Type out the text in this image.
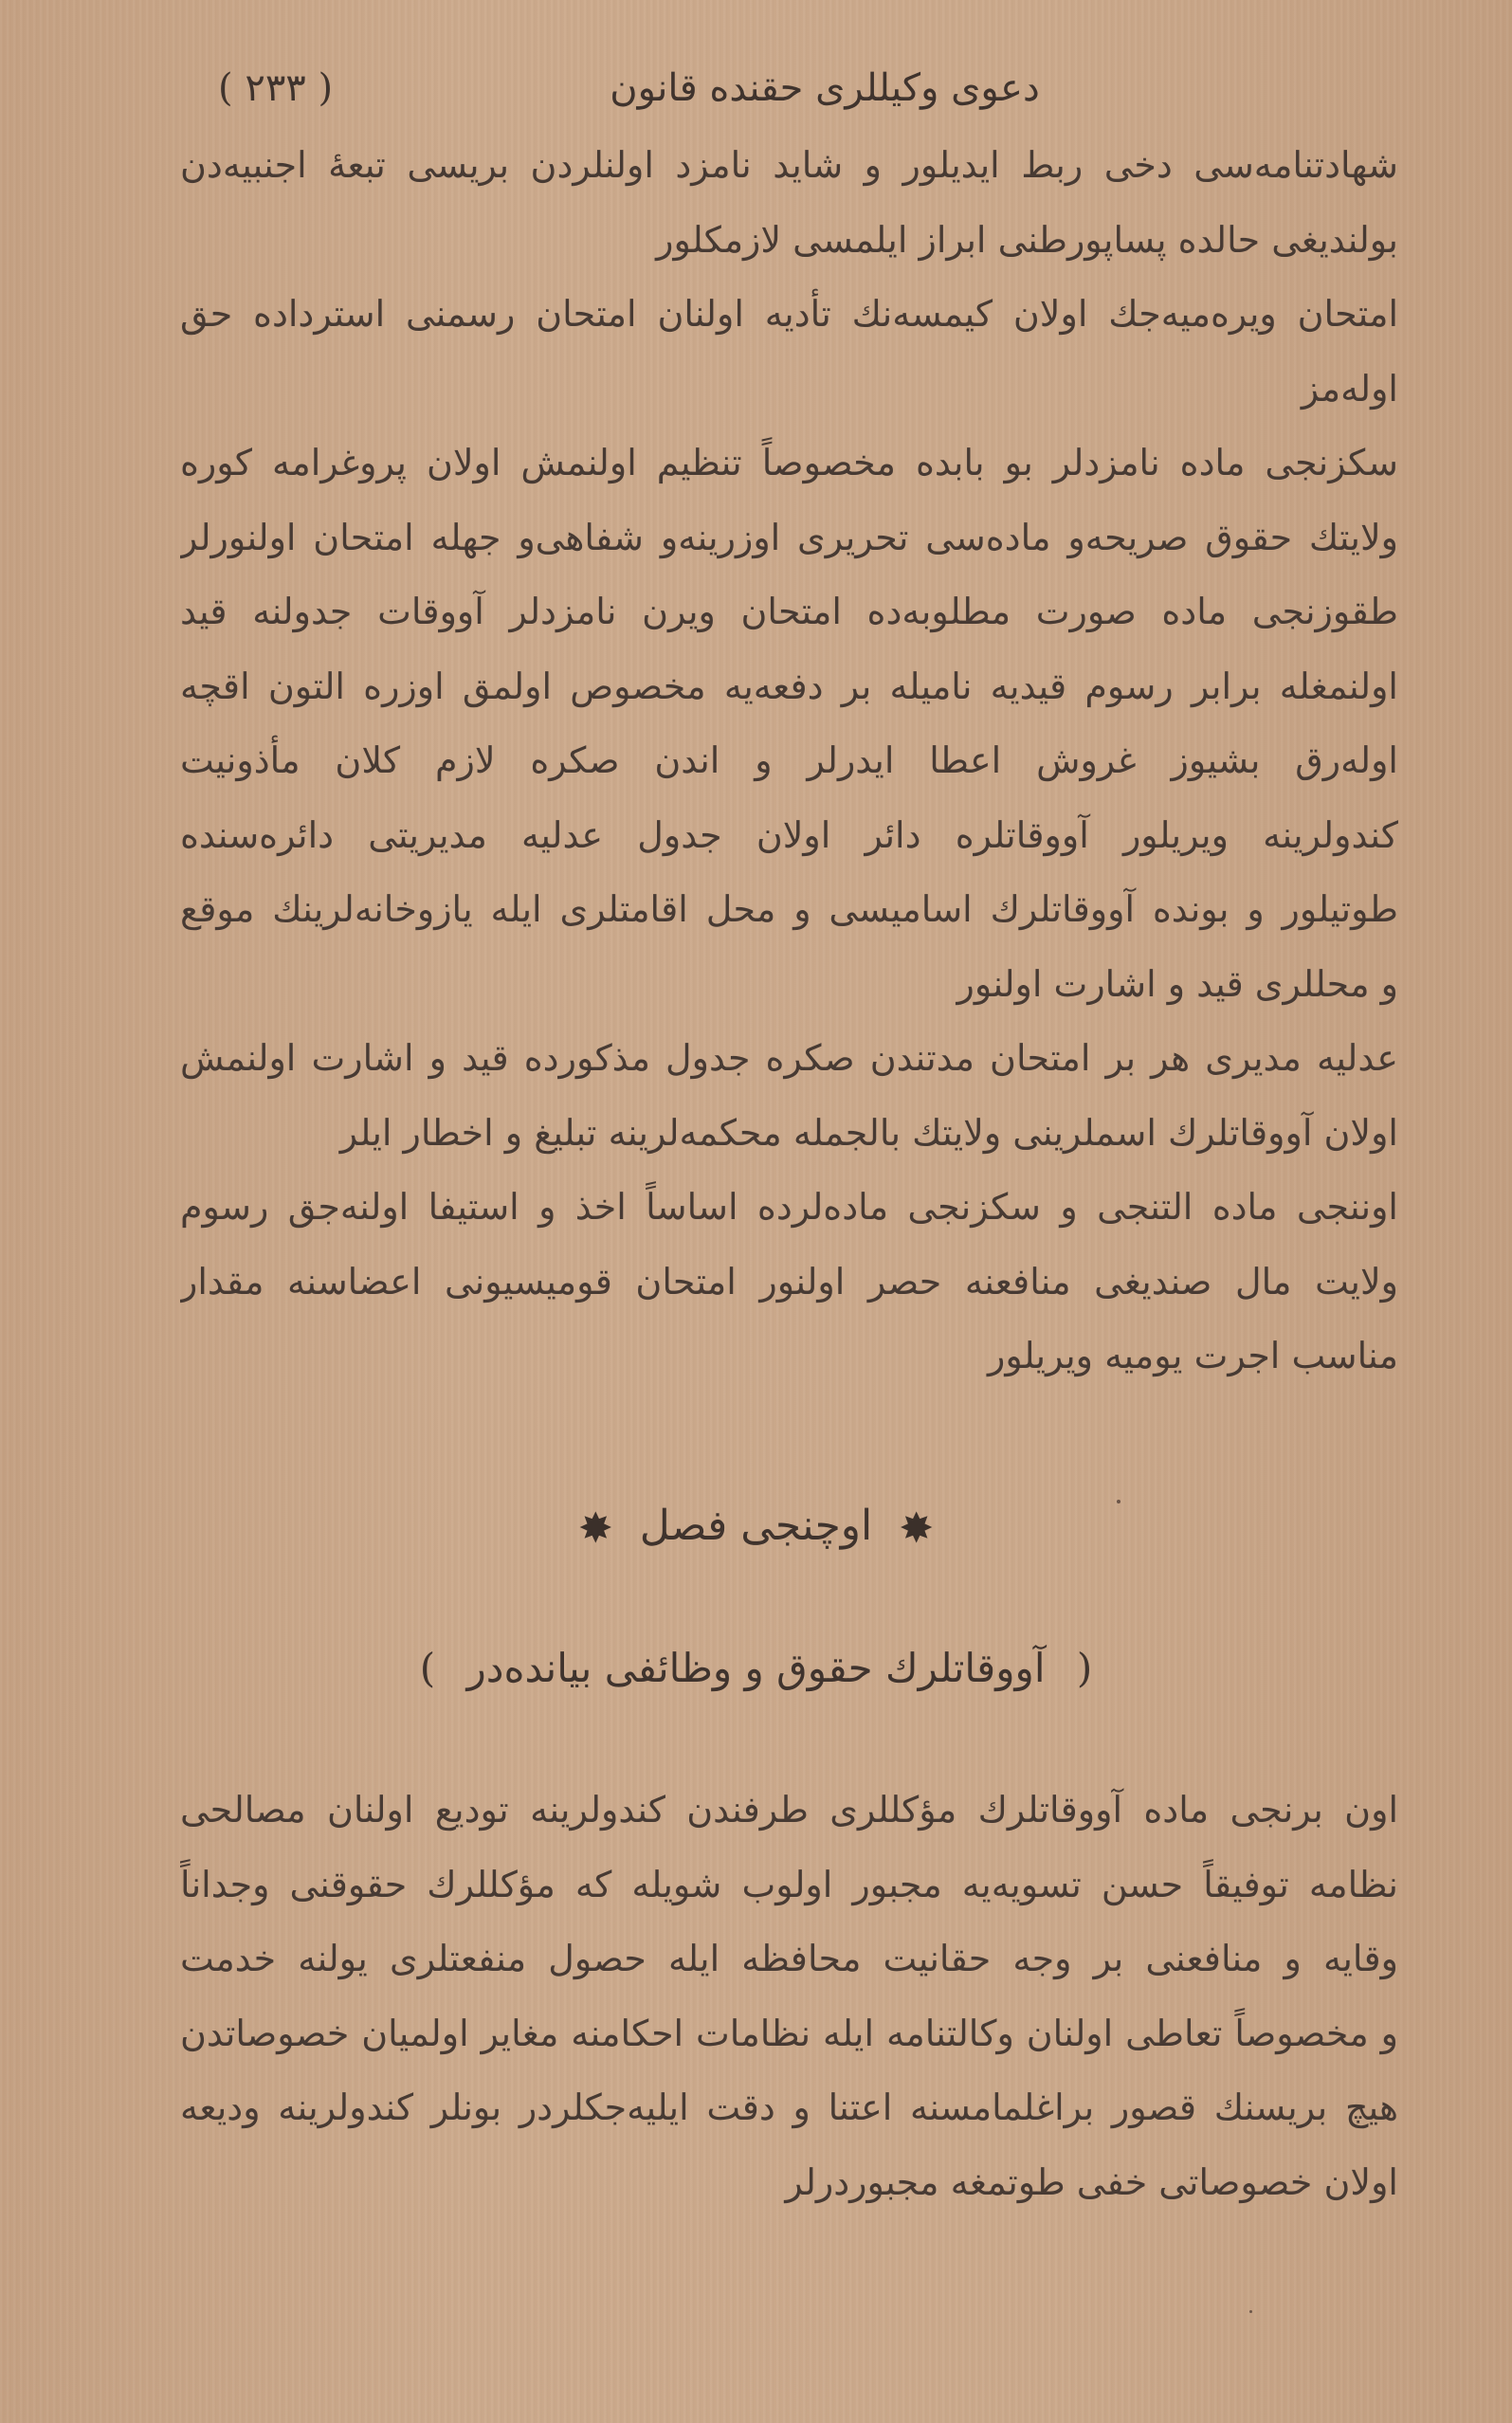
( ۲۳۳ )	دعوی وکیللری حقنده قانون
شهادتنامه‌سی دخی ربط ایدیلور و شاید نامزد اولنلردن بریسی تبعهٔ اجنبیه‌دن
بولندیغی حالده پساپورطنی ابراز ایلمسی لازمکلور
امتحان ویره‌میه‌جك اولان کیمسه‌نك تأدیه اولنان امتحان رسمنی استرداده حق
اوله‌مز
سکزنجی ماده نامزدلر بو بابده مخصوصاً تنظیم اولنمش اولان پروغرامه کوره
ولایتك حقوق صریحه‌و ماده‌سی تحریری اوزرینه‌و شفاهی‌و جهله امتحان اولنورلر
طقوزنجی ماده صورت مطلوبه‌ده امتحان ویرن نامزدلر آووقات جدولنه قید
اولنمغله برابر رسوم قیدیه نامیله بر دفعه‌یه مخصوص اولمق اوزره التون اقچه
اوله‌رق بشیوز غروش اعطا ایدرلر و اندن صکره لازم کلان مأذونیت
کندولرینه ویریلور آووقاتلره دائر اولان جدول عدلیه مدیریتی دائره‌سنده
طوتیلور و بونده آووقاتلرك اسامیسی و محل اقامتلری ایله یازوخانه‌لرینك موقع
و محللری قید و اشارت اولنور
عدلیه مدیری هر بر امتحان مدتندن صکره جدول مذکورده قید و اشارت اولنمش
اولان آووقاتلرك اسملرینی ولایتك بالجمله محکمه‌لرینه تبلیغ و اخطار ایلر
اوننجی ماده التنجی و سکزنجی ماده‌لرده اساساً اخذ و استیفا اولنه‌جق رسوم
ولایت مال صندیغی منافعنه حصر اولنور امتحان قومیسیونی اعضاسنه مقدار
مناسب اجرت یومیه ویریلور
✸ اوچنجی فصل ✸
( آووقاتلرك حقوق و وظائفی بیانده‌در )
اون برنجی ماده آووقاتلرك مؤکللری طرفندن کندولرینه تودیع اولنان مصالحی
نظامه توفیقاً حسن تسویه‌یه مجبور اولوب شویله که مؤکللرك حقوقنی وجداناً
وقایه و منافعنی بر وجه حقانیت محافظه ایله حصول منفعتلری یولنه خدمت
و مخصوصاً تعاطی اولنان وکالتنامه ایله نظامات احکامنه مغایر اولمیان خصوصاتدن
هیچ بریسنك قصور براغلمامسنه اعتنا و دقت ایلیه‌جکلردر بونلر کندولرینه ودیعه
اولان خصوصاتی خفی طوتمغه مجبوردرلر
